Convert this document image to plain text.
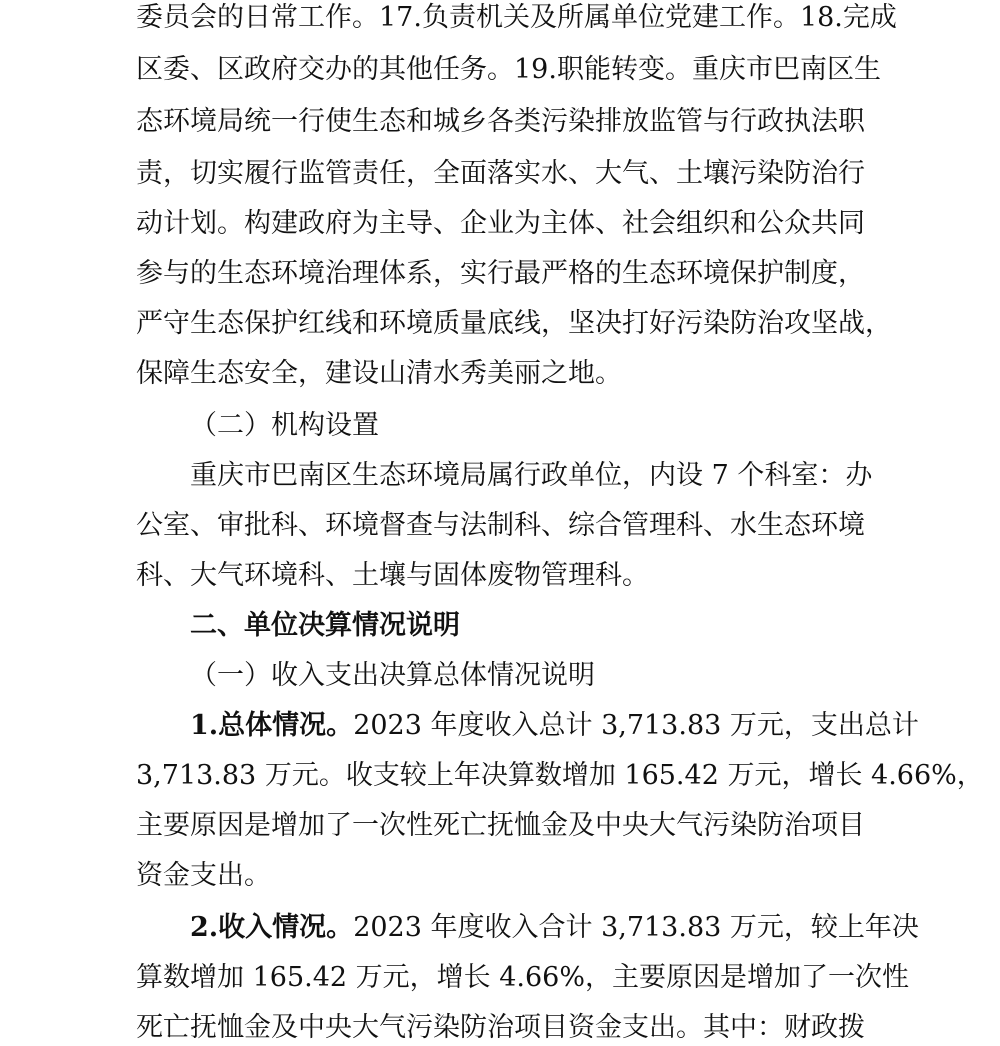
委员会的日常工作。17.负责机关及所属单位党建工作。18.完成
区委、区政府交办的其他任务。19.职能转变。重庆市巴南区生
态环境局统一行使生态和城乡各类污染排放监管与行政执法职
责，切实履行监管责任，全面落实水、大气、土壤污染防治行
动计划。构建政府为主导、企业为主体、社会组织和公众共同
参与的生态环境治理体系，实行最严格的生态环境保护制度，
严守生态保护红线和环境质量底线，坚决打好污染防治攻坚战，
保障生态安全，建设山清水秀美丽之地。
（二）机构设置
重庆市巴南区生态环境局属行政单位，内设 7 个科室：办
公室、审批科、环境督查与法制科、综合管理科、水生态环境
科、大气环境科、土壤与固体废物管理科。
二、单位决算情况说明
（一）收入支出决算总体情况说明
1.总体情况。2023 年度收入总计 3,713.83 万元，支出总计
3,713.83 万元。收支较上年决算数增加 165.42 万元，增长 4.66%，
主要原因是增加了一次性死亡抚恤金及中央大气污染防治项目
资金支出。
2.收入情况。2023 年度收入合计 3,713.83 万元，较上年决
算数增加 165.42 万元，增长 4.66%，主要原因是增加了一次性
死亡抚恤金及中央大气污染防治项目资金支出。其中：财政拨
